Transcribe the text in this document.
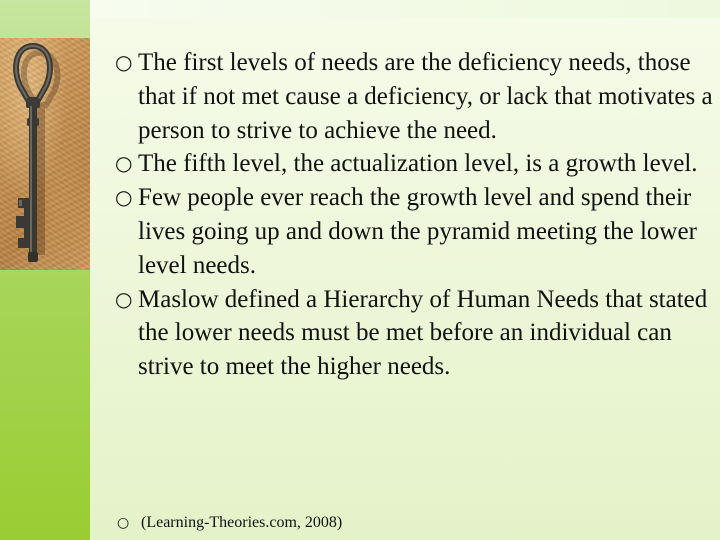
○ The first levels of needs are the deficiency needs, those that if not met cause a deficiency, or lack that motivates a person to strive to achieve the need.
○ The fifth level, the actualization level, is a growth level.
○ Few people ever reach the growth level and spend their lives going up and down the pyramid meeting the lower level needs.
○ Maslow defined a Hierarchy of Human Needs that stated the lower needs must be met before an individual can strive to meet the higher needs.
○ (Learning-Theories.com, 2008)
